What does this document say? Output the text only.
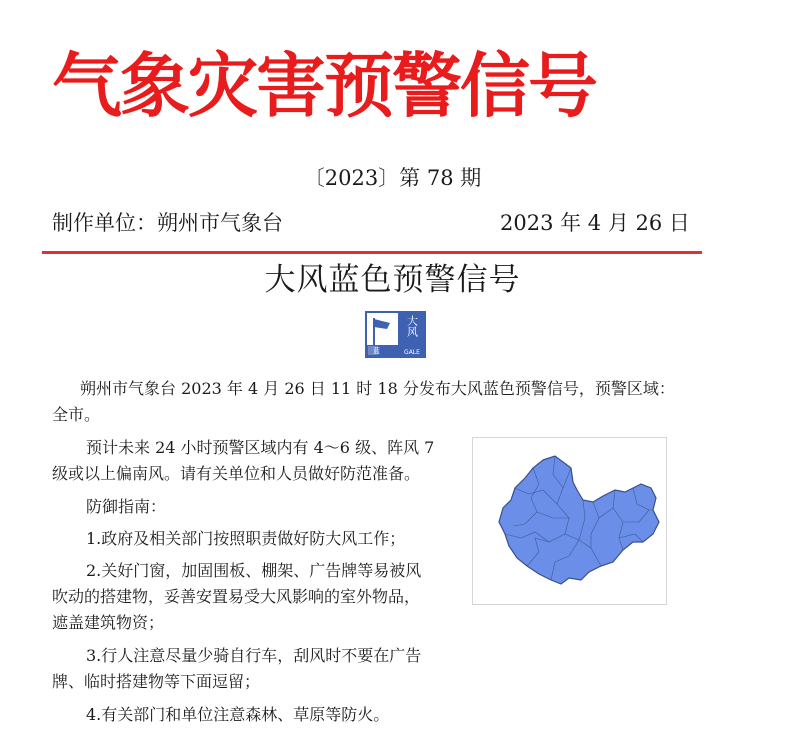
气象灾害预警信号
〔2023〕第 78 期
制作单位：朔州市气象台	2023 年 4 月 26 日
大风蓝色预警信号
蓝
大风
GALE
朔州市气象台 2023 年 4 月 26 日 11 时 18 分发布大风蓝色预警信号，预警区域：
全市。
预计未来 24 小时预警区域内有 4～6 级、阵风 7
级或以上偏南风。请有关单位和人员做好防范准备。
防御指南：
1.政府及相关部门按照职责做好防大风工作；
2.关好门窗，加固围板、棚架、广告牌等易被风
吹动的搭建物，妥善安置易受大风影响的室外物品，
遮盖建筑物资；
3.行人注意尽量少骑自行车，刮风时不要在广告
牌、临时搭建物等下面逗留；
4.有关部门和单位注意森林、草原等防火。
